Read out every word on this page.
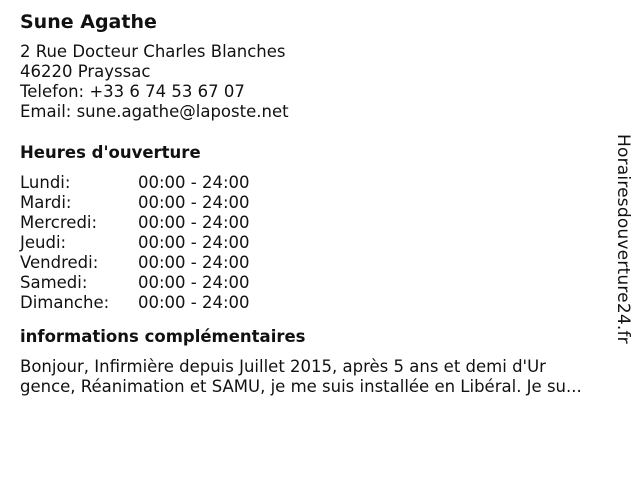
Sune Agathe
2 Rue Docteur Charles Blanches
46220 Prayssac
Telefon: +33 6 74 53 67 07
Email: sune.agathe@laposte.net
Heures d'ouverture
Lundi:	00:00 - 24:00
Mardi:	00:00 - 24:00
Mercredi:	00:00 - 24:00
Jeudi:	00:00 - 24:00
Vendredi:	00:00 - 24:00
Samedi:	00:00 - 24:00
Dimanche:	00:00 - 24:00
informations complémentaires
Bonjour, Infirmière depuis Juillet 2015, après 5 ans et demi d'Ur
gence, Réanimation et SAMU, je me suis installée en Libéral. Je su...
Horairesdouverture24.fr
